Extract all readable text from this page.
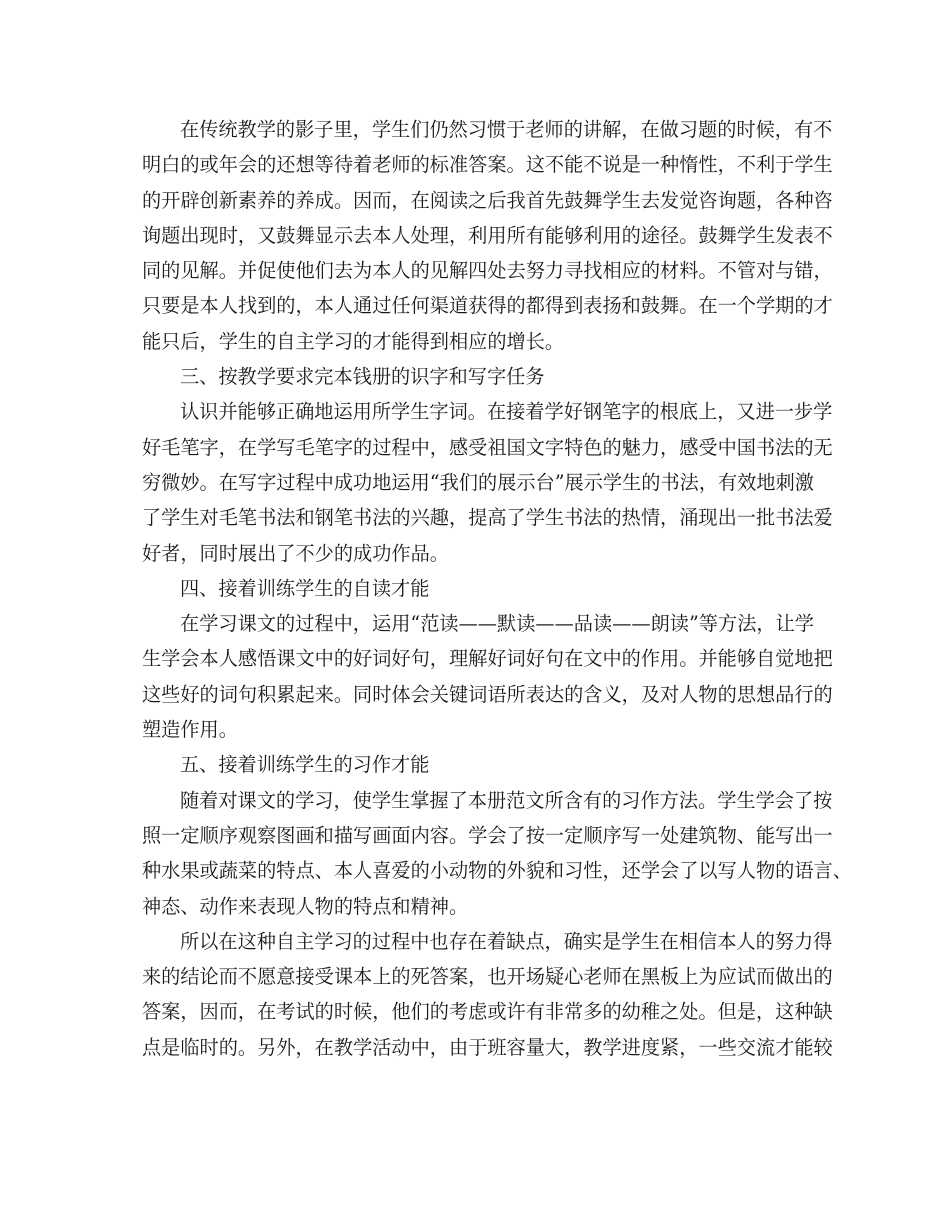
在传统教学的影子里，学生们仍然习惯于老师的讲解，在做习题的时候，有不
明白的或年会的还想等待着老师的标准答案。这不能不说是一种惰性，不利于学生
的开辟创新素养的养成。因而，在阅读之后我首先鼓舞学生去发觉咨询题，各种咨
询题出现时，又鼓舞显示去本人处理，利用所有能够利用的途径。鼓舞学生发表不
同的见解。并促使他们去为本人的见解四处去努力寻找相应的材料。不管对与错，
只要是本人找到的，本人通过任何渠道获得的都得到表扬和鼓舞。在一个学期的才
能只后，学生的自主学习的才能得到相应的增长。
三、按教学要求完本钱册的识字和写字任务
认识并能够正确地运用所学生字词。在接着学好钢笔字的根底上，又进一步学
好毛笔字，在学写毛笔字的过程中，感受祖国文字特色的魅力，感受中国书法的无
穷微妙。在写字过程中成功地运用“我们的展示台”展示学生的书法，有效地刺激
了学生对毛笔书法和钢笔书法的兴趣，提高了学生书法的热情，涌现出一批书法爱
好者，同时展出了不少的成功作品。
四、接着训练学生的自读才能
在学习课文的过程中，运用“范读——默读——品读——朗读”等方法，让学
生学会本人感悟课文中的好词好句，理解好词好句在文中的作用。并能够自觉地把
这些好的词句积累起来。同时体会关键词语所表达的含义，及对人物的思想品行的
塑造作用。
五、接着训练学生的习作才能
随着对课文的学习，使学生掌握了本册范文所含有的习作方法。学生学会了按
照一定顺序观察图画和描写画面内容。学会了按一定顺序写一处建筑物、能写出一
种水果或蔬菜的特点、本人喜爱的小动物的外貌和习性，还学会了以写人物的语言、
神态、动作来表现人物的特点和精神。
所以在这种自主学习的过程中也存在着缺点，确实是学生在相信本人的努力得
来的结论而不愿意接受课本上的死答案，也开场疑心老师在黑板上为应试而做出的
答案，因而，在考试的时候，他们的考虑或许有非常多的幼稚之处。但是，这种缺
点是临时的。另外，在教学活动中，由于班容量大，教学进度紧，一些交流才能较
